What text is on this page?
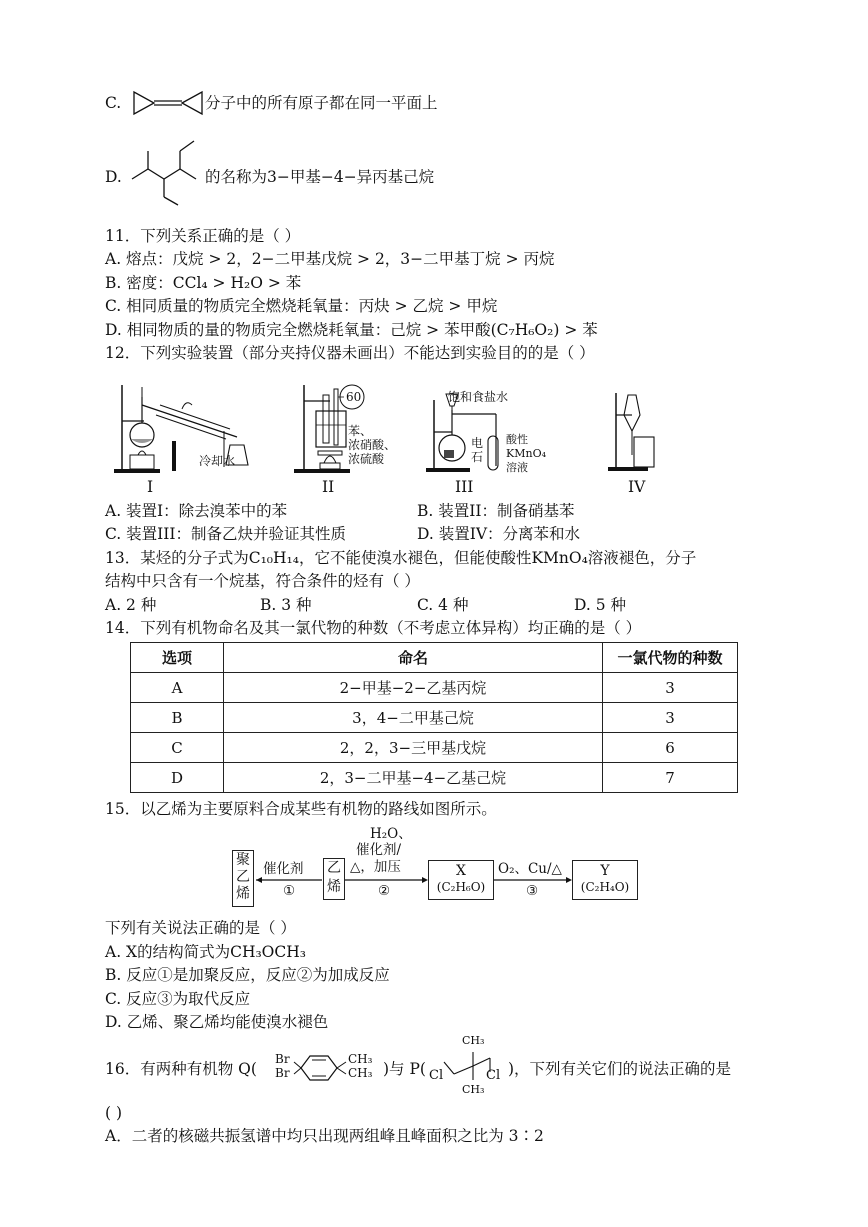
C.	分子中的所有原子都在同一平面上
D.	的名称为3−甲基−4−异丙基己烷
11．下列关系正确的是（ ）
A. 熔点：戊烷 > 2，2−二甲基戊烷 > 2，3−二甲基丁烷 > 丙烷
B. 密度：CCl₄ > H₂O > 苯
C. 相同质量的物质完全燃烧耗氧量：丙炔 > 乙烷 > 甲烷
D. 相同物质的量的物质完全燃烧耗氧量：己烷 > 苯甲酸(C₇H₆O₂) > 苯
12．下列实验装置（部分夹持仪器未画出）不能达到实验目的的是（ ）
冷却水
60
苯、
浓硝酸、
浓硫酸
饱和食盐水
电
石
酸性
KMnO₄
溶液
I	II	III	IV
A. 装置I：除去溴苯中的苯	B. 装置II：制备硝基苯
C. 装置III：制备乙炔并验证其性质	D. 装置IV：分离苯和水
13．某烃的分子式为C₁₀H₁₄，它不能使溴水褪色，但能使酸性KMnO₄溶液褪色，分子
结构中只含有一个烷基，符合条件的烃有（ ）
A. 2 种	B. 3 种	C. 4 种	D. 5 种
14．下列有机物命名及其一氯代物的种数（不考虑立体异构）均正确的是（ ）
选项	命名	一氯代物的种数
A	2−甲基−2−乙基丙烷	3
B	3，4−二甲基己烷	3
C	2，2，3−三甲基戊烷	6
D	2，3−二甲基−4−乙基己烷	7
15．以乙烯为主要原料合成某些有机物的路线如图所示。
聚
乙
烯
乙
烯
X
(C₂H₆O)
Y
(C₂H₄O)
催化剂
①
H₂O、
催化剂/
△，加压
②
O₂、Cu/△
③
下列有关说法正确的是（ ）
A. X的结构简式为CH₃OCH₃
B. 反应①是加聚反应，反应②为加成反应
C. 反应③为取代反应
D. 乙烯、聚乙烯均能使溴水褪色
16．有两种有机物 Q(
Br
Br
CH₃
CH₃ )与 P(
CH₃
CH₃
Cl	Cl )，下列有关它们的说法正确的是
( )
A．二者的核磁共振氢谱中均只出现两组峰且峰面积之比为 3∶2
